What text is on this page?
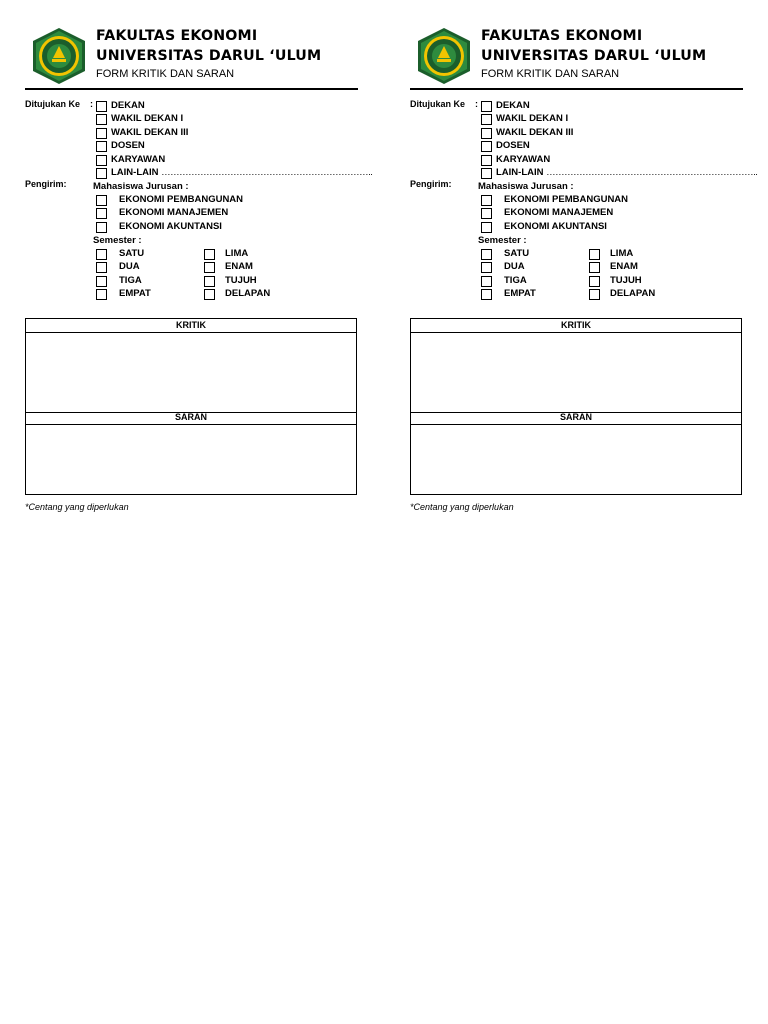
FAKULTAS EKONOMI
UNIVERSITAS DARUL ‘ULUM
FORM KRITIK DAN SARAN
Ditujukan Ke : DEKAN
WAKIL DEKAN I
WAKIL DEKAN III
DOSEN
KARYAWAN
LAIN-LAIN ……………………………………………………………..
Pengirim:	Mahasiswa Jurusan :
EKONOMI PEMBANGUNAN
EKONOMI MANAJEMEN
EKONOMI AKUNTANSI
Semester :
SATU
DUA
TIGA
EMPAT
LIMA
ENAM
TUJUH
DELAPAN
KRITIK
SARAN
*Centang yang diperlukan
FAKULTAS EKONOMI
UNIVERSITAS DARUL ‘ULUM
FORM KRITIK DAN SARAN
Ditujukan Ke : DEKAN
WAKIL DEKAN I
WAKIL DEKAN III
DOSEN
KARYAWAN
LAIN-LAIN ……………………………………………………………..
Pengirim:	Mahasiswa Jurusan :
EKONOMI PEMBANGUNAN
EKONOMI MANAJEMEN
EKONOMI AKUNTANSI
Semester :
SATU
DUA
TIGA
EMPAT
LIMA
ENAM
TUJUH
DELAPAN
KRITIK
SARAN
*Centang yang diperlukan
